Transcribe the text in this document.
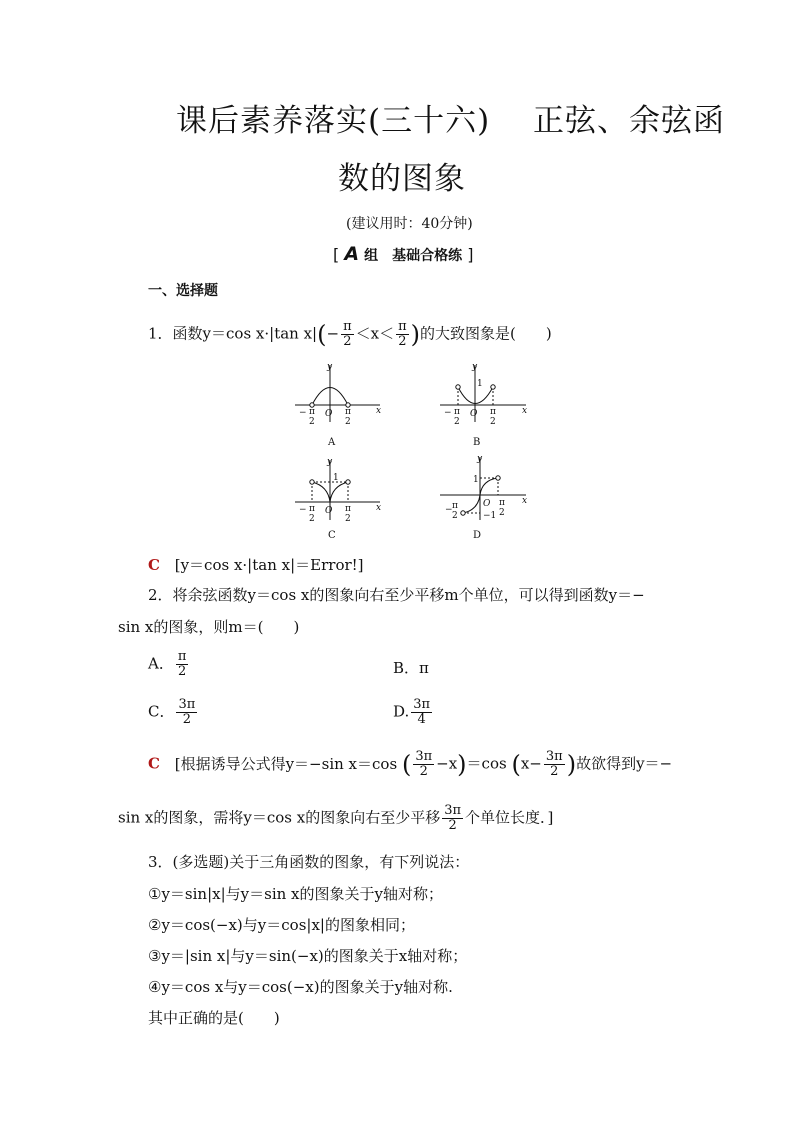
课后素养落实(三十六)　 正弦、余弦函
数的图象
(建议用时：40分钟)
[ A 组　基础合格练 ]
一、选择题
1．函数y＝cos x·|tan $x|(- \frac{\pi}{2} <x< \frac{\pi}{2}$ )的大致图象是(　　)
y
x
y
x
y
x
y
x
O	O
O
O
1
1	1
−1
−	−
−	−
π
2
π
2
π
2
π
2
π
2
π
2
π
2
π
2
A	B
C	D
C [y＝cos x·|tan x|＝Error!]
2．将余弦函数y＝cos x的图象向右至少平移m个单位，可以得到函数y＝−
sin x的图象，则m＝(　　)
A． $\frac{\pi}{2}$	B．π
C． $\frac{3\pi}{2}$	D. $\frac{3\pi}{4}$
C [根据诱导公式得y＝−sin x＝cos ( $\frac{3\pi}{2} -x)=\cos$ ($x- \frac{3\pi}{2}$ )故欲得到y＝−
sin x的图象，需将y＝cos x的图象向右至少平移 $\frac{3\pi}{2}$ 个单位长度．]
3．(多选题)关于三角函数的图象，有下列说法：
①y＝sin|x|与y＝sin x的图象关于y轴对称；
②y＝cos(−x)与y＝cos|x|的图象相同；
③y＝|sin x|与y＝sin(−x)的图象关于x轴对称；
④y＝cos x与y＝cos(−x)的图象关于y轴对称.
其中正确的是(　　)
